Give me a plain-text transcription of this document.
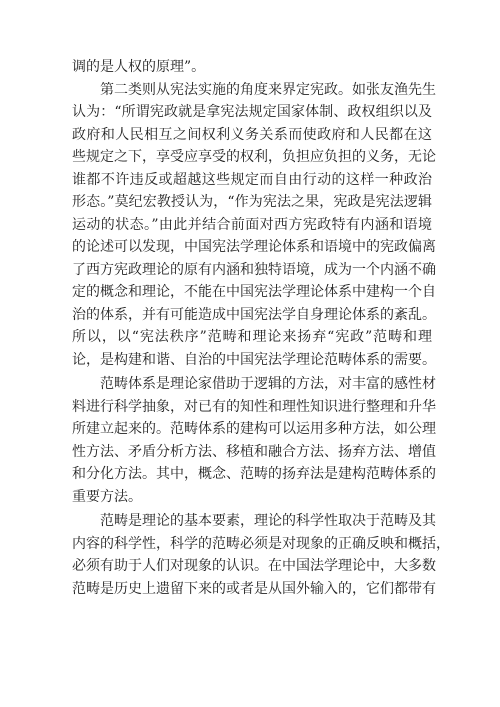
调的是人权的原理”。
第二类则从宪法实施的角度来界定宪政。如张友渔先生
认为：“所谓宪政就是拿宪法规定国家体制、政权组织以及
政府和人民相互之间权利义务关系而使政府和人民都在这
些规定之下，享受应享受的权利，负担应负担的义务，无论
谁都不许违反或超越这些规定而自由行动的这样一种政治
形态。”莫纪宏教授认为，“作为宪法之果，宪政是宪法逻辑
运动的状态。”由此并结合前面对西方宪政特有内涵和语境
的论述可以发现，中国宪法学理论体系和语境中的宪政偏离
了西方宪政理论的原有内涵和独特语境，成为一个内涵不确
定的概念和理论，不能在中国宪法学理论体系中建构一个自
治的体系，并有可能造成中国宪法学自身理论体系的紊乱。
所以，以“宪法秩序”范畴和理论来扬弃“宪政”范畴和理
论，是构建和谐、自治的中国宪法学理论范畴体系的需要。
范畴体系是理论家借助于逻辑的方法，对丰富的感性材
料进行科学抽象，对已有的知性和理性知识进行整理和升华
所建立起来的。范畴体系的建构可以运用多种方法，如公理
性方法、矛盾分析方法、移植和融合方法、扬弃方法、增值
和分化方法。其中，概念、范畴的扬弃法是建构范畴体系的
重要方法。
范畴是理论的基本要素，理论的科学性取决于范畴及其
内容的科学性，科学的范畴必须是对现象的正确反映和概括，
必须有助于人们对现象的认识。在中国法学理论中，大多数
范畴是历史上遗留下来的或者是从国外输入的，它们都带有
